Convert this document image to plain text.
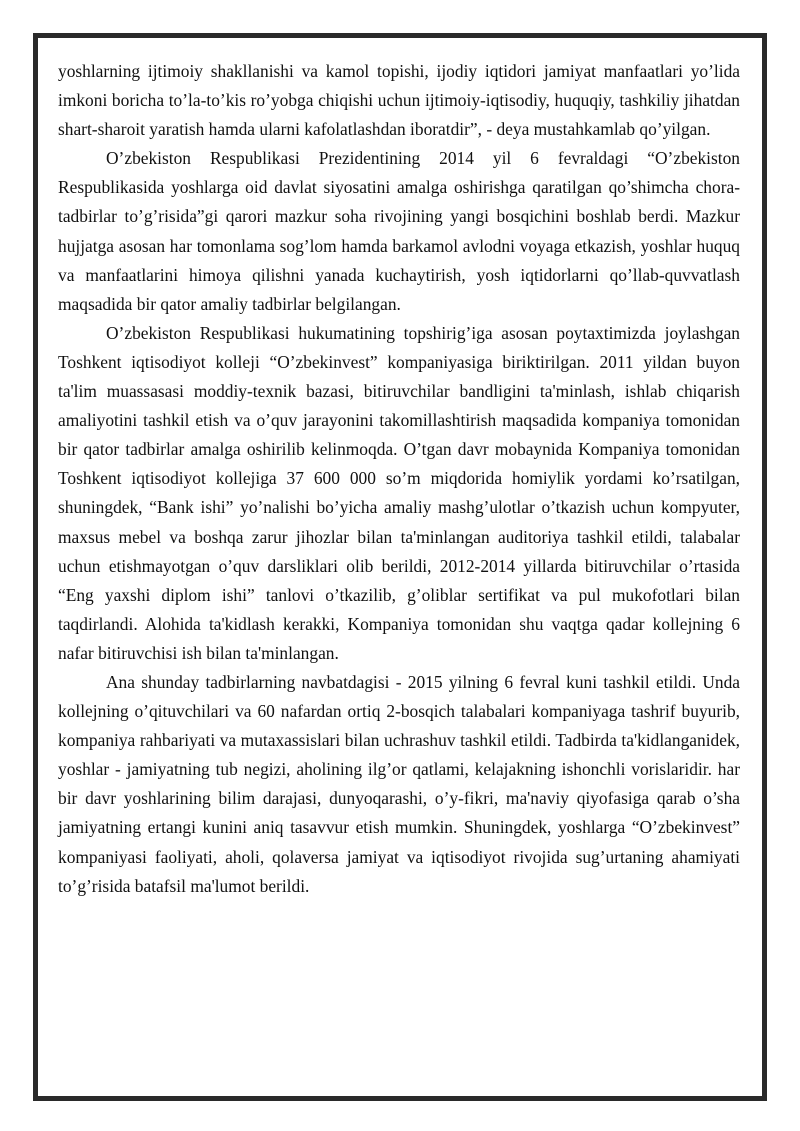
yoshlarning ijtimoiy shakllanishi va kamol topishi, ijodiy iqtidori jamiyat manfaatlari yo’lida imkoni boricha to’la-to’kis ro’yobga chiqishi uchun ijtimoiy-iqtisodiy, huquqiy, tashkiliy jihatdan shart-sharoit yaratish hamda ularni kafolatlashdan iboratdir”, - deya mustahkamlab qo’yilgan.

O’zbekiston Respublikasi Prezidentining 2014 yil 6 fevraldagi “O’zbekiston Respublikasida yoshlarga oid davlat siyosatini amalga oshirishga qaratilgan qo’shimcha chora-tadbirlar to’g’risida”gi qarori mazkur soha rivojining yangi bosqichini boshlab berdi. Mazkur hujjatga asosan har tomonlama sog’lom hamda barkamol avlodni voyaga etkazish, yoshlar huquq va manfaatlarini himoya qilishni yanada kuchaytirish, yosh iqtidorlarni qo’llab-quvvatlash maqsadida bir qator amaliy tadbirlar belgilangan.

O’zbekiston Respublikasi hukumatining topshirig’iga asosan poytaxtimizda joylashgan Toshkent iqtisodiyot kolleji “O’zbekinvest” kompaniyasiga biriktirilgan. 2011 yildan buyon ta'lim muassasasi moddiy-texnik bazasi, bitiruvchilar bandligini ta'minlash, ishlab chiqarish amaliyotini tashkil etish va o’quv jarayonini takomillashtirish maqsadida kompaniya tomonidan bir qator tadbirlar amalga oshirilib kelinmoqda. O’tgan davr mobaynida Kompaniya tomonidan Toshkent iqtisodiyot kollejiga 37 600 000 so’m miqdorida homiylik yordami ko’rsatilgan, shuningdek, “Bank ishi” yo’nalishi bo’yicha amaliy mashg’ulotlar o’tkazish uchun kompyuter, maxsus mebel va boshqa zarur jihozlar bilan ta'minlangan auditoriya tashkil etildi, talabalar uchun etishmayotgan o’quv darsliklari olib berildi, 2012-2014 yillarda bitiruvchilar o’rtasida “Eng yaxshi diplom ishi” tanlovi o’tkazilib, g’oliblar sertifikat va pul mukofotlari bilan taqdirlandi. Alohida ta'kidlash kerakki, Kompaniya tomonidan shu vaqtga qadar kollejning 6 nafar bitiruvchisi ish bilan ta'minlangan.

Ana shunday tadbirlarning navbatdagisi - 2015 yilning 6 fevral kuni tashkil etildi. Unda kollejning o’qituvchilari va 60 nafardan ortiq 2-bosqich talabalari kompaniyaga tashrif buyurib, kompaniya rahbariyati va mutaxassislari bilan uchrashuv tashkil etildi. Tadbirda ta'kidlanganidek, yoshlar - jamiyatning tub negizi, aholining ilg’or qatlami, kelajakning ishonchli vorislaridir. har bir davr yoshlarining bilim darajasi, dunyoqarashi, o’y-fikri, ma'naviy qiyofasiga qarab o’sha jamiyatning ertangi kunini aniq tasavvur etish mumkin. Shuningdek, yoshlarga “O’zbekinvest” kompaniyasi faoliyati, aholi, qolaversa jamiyat va iqtisodiyot rivojida sug’urtaning ahamiyati to’g’risida batafsil ma'lumot berildi.
